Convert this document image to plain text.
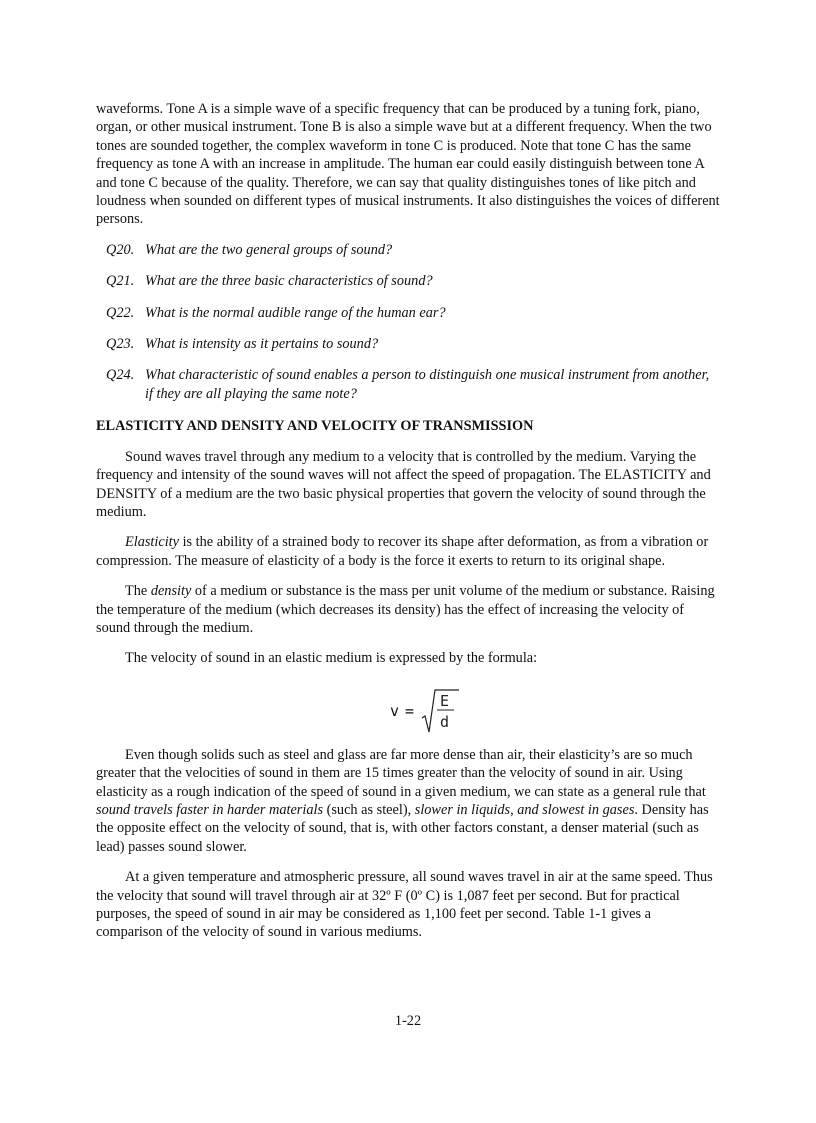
waveforms. Tone A is a simple wave of a specific frequency that can be produced by a tuning fork, piano, organ, or other musical instrument. Tone B is also a simple wave but at a different frequency. When the two tones are sounded together, the complex waveform in tone C is produced. Note that tone C has the same frequency as tone A with an increase in amplitude. The human ear could easily distinguish between tone A and tone C because of the quality. Therefore, we can say that quality distinguishes tones of like pitch and loudness when sounded on different types of musical instruments. It also distinguishes the voices of different persons.

Q20. What are the two general groups of sound?
Q21. What are the three basic characteristics of sound?
Q22. What is the normal audible range of the human ear?
Q23. What is intensity as it pertains to sound?
Q24. What characteristic of sound enables a person to distinguish one musical instrument from another, if they are all playing the same note?
ELASTICITY AND DENSITY AND VELOCITY OF TRANSMISSION

Sound waves travel through any medium to a velocity that is controlled by the medium. Varying the frequency and intensity of the sound waves will not affect the speed of propagation. The ELASTICITY and DENSITY of a medium are the two basic physical properties that govern the velocity of sound through the medium.

Elasticity is the ability of a strained body to recover its shape after deformation, as from a vibration or compression. The measure of elasticity of a body is the force it exerts to return to its original shape.

The density of a medium or substance is the mass per unit volume of the medium or substance. Raising the temperature of the medium (which decreases its density) has the effect of increasing the velocity of sound through the medium.

The velocity of sound in an elastic medium is expressed by the formula:

v =
E
d

Even though solids such as steel and glass are far more dense than air, their elasticity’s are so much greater that the velocities of sound in them are 15 times greater than the velocity of sound in air. Using elasticity as a rough indication of the speed of sound in a given medium, we can state as a general rule that sound travels faster in harder materials (such as steel), slower in liquids, and slowest in gases. Density has the opposite effect on the velocity of sound, that is, with other factors constant, a denser material (such as lead) passes sound slower.

At a given temperature and atmospheric pressure, all sound waves travel in air at the same speed. Thus the velocity that sound will travel through air at 32º F (0º C) is 1,087 feet per second. But for practical purposes, the speed of sound in air may be considered as 1,100 feet per second. Table 1-1 gives a comparison of the velocity of sound in various mediums.

1-22
